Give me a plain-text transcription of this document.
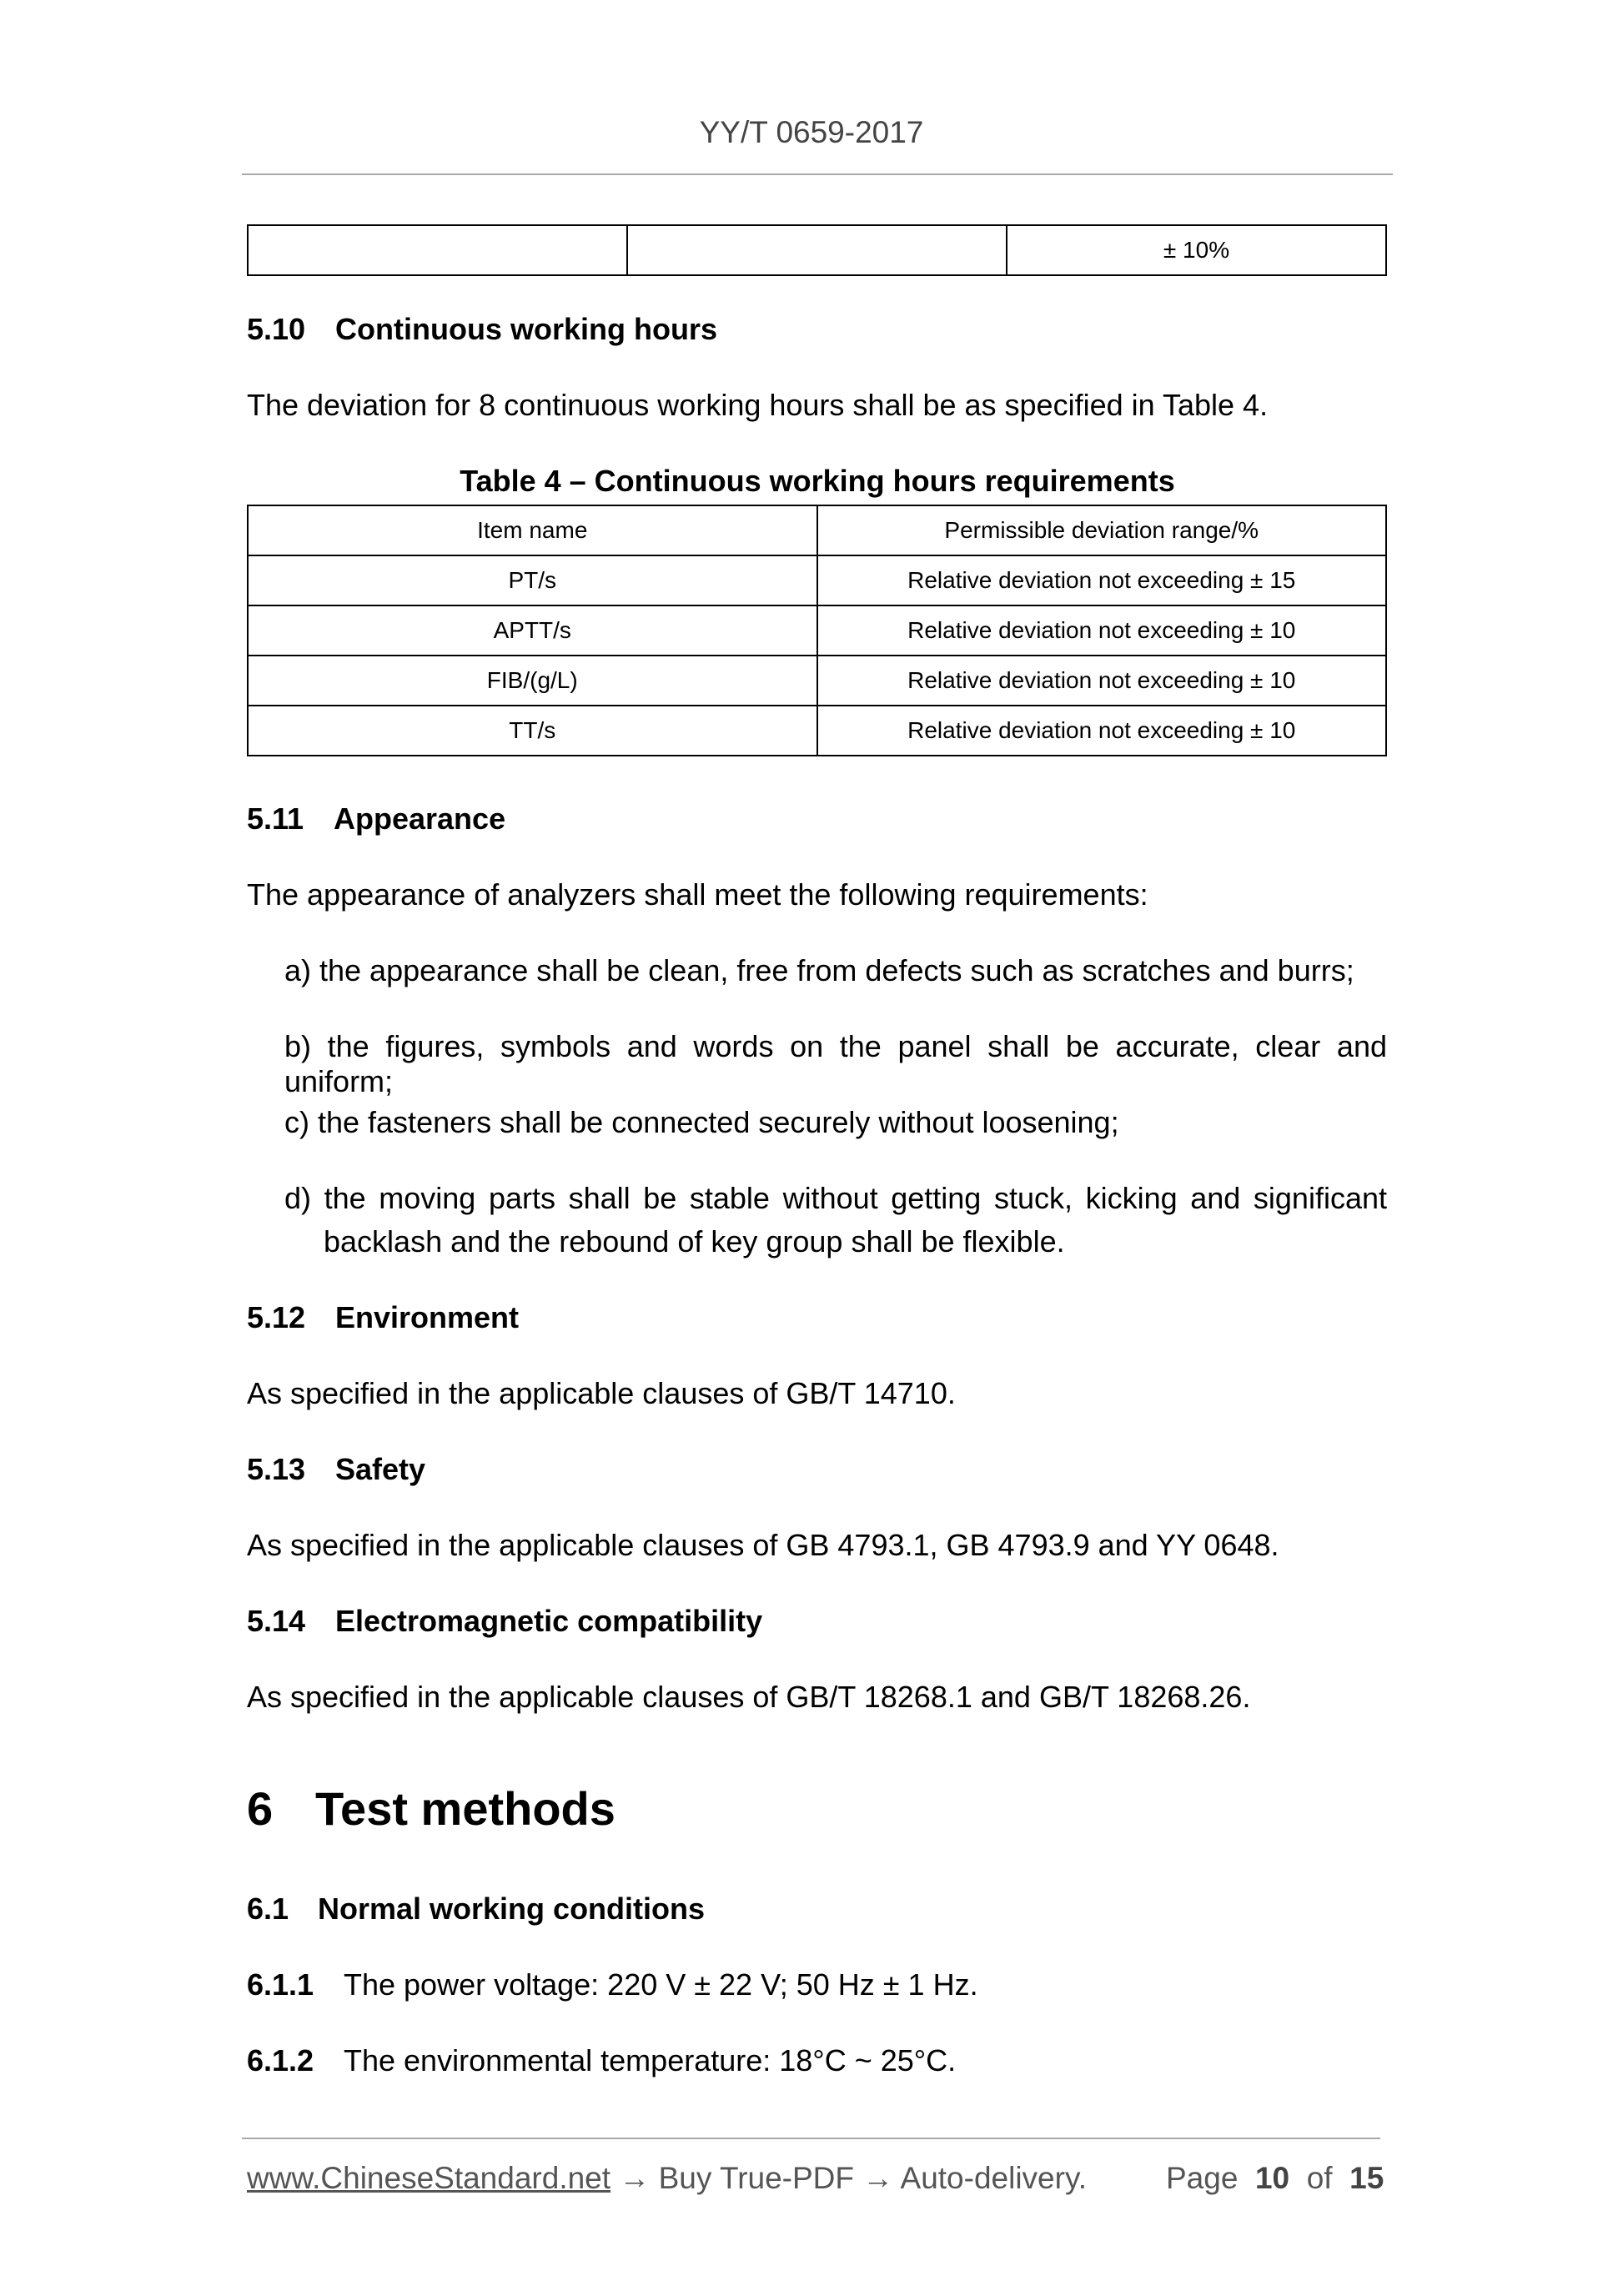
YY/T 0659-2017
		± 10%
5.10 Continuous working hours
The deviation for 8 continuous working hours shall be as specified in Table 4.
Table 4 – Continuous working hours requirements
Item name	Permissible deviation range/%
PT/s	Relative deviation not exceeding ± 15
APTT/s	Relative deviation not exceeding ± 10
FIB/(g/L)	Relative deviation not exceeding ± 10
TT/s	Relative deviation not exceeding ± 10
5.11 Appearance
The appearance of analyzers shall meet the following requirements:
a) the appearance shall be clean, free from defects such as scratches and burrs;
b) the figures, symbols and words on the panel shall be accurate, clear and uniform;
c) the fasteners shall be connected securely without loosening;
d) the moving parts shall be stable without getting stuck, kicking and significant
backlash and the rebound of key group shall be flexible.
5.12 Environment
As specified in the applicable clauses of GB/T 14710.
5.13 Safety
As specified in the applicable clauses of GB 4793.1, GB 4793.9 and YY 0648.
5.14 Electromagnetic compatibility
As specified in the applicable clauses of GB/T 18268.1 and GB/T 18268.26.
6 Test methods
6.1 Normal working conditions
6.1.1 The power voltage: 220 V ± 22 V; 50 Hz ± 1 Hz.
6.1.2 The environmental temperature: 18°C ~ 25°C.
www.ChineseStandard.net → Buy True-PDF → Auto-delivery.	Page 10 of 15
